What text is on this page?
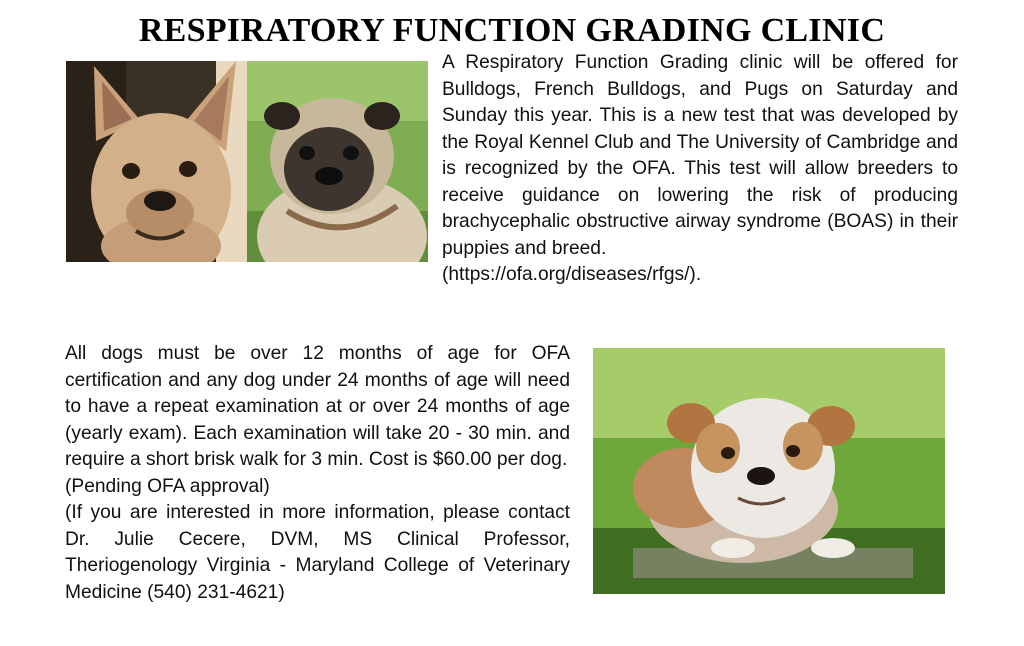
RESPIRATORY FUNCTION GRADING CLINIC
A Respiratory Function Grading clinic will be offered for Bulldogs, French Bulldogs, and Pugs on Saturday and Sunday this year. This is a new test that was developed by the Royal Kennel Club and The University of Cambridge and is recognized by the OFA. This test will allow breeders to receive guidance on lowering the risk of producing brachycephalic obstructive airway syndrome (BOAS) in their puppies and breed.
(https://ofa.org/diseases/rfgs/).
All dogs must be over 12 months of age for OFA certification and any dog under 24 months of age will need to have a repeat examination at or over 24 months of age (yearly exam). Each examination will take 20 - 30 min. and require a short brisk walk for 3 min. Cost is $60.00 per dog.
(Pending OFA approval)
(If you are interested in more information, please contact Dr. Julie Cecere, DVM, MS Clinical Professor, Theriogenology Virginia - Maryland College of Veterinary Medicine (540) 231-4621)
